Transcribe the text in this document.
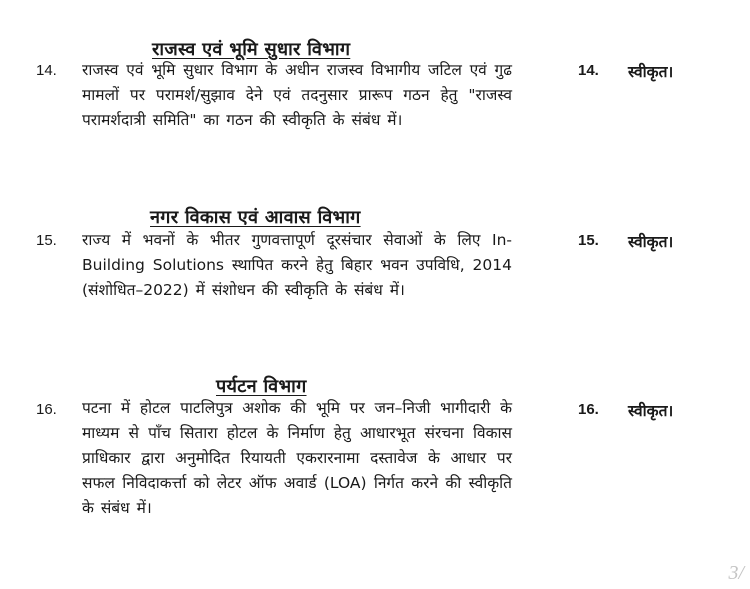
राजस्व एवं भूमि सुधार विभाग
14. राजस्व एवं भूमि सुधार विभाग के अधीन राजस्व विभागीय जटिल एवं गुढ मामलों पर परामर्श/सुझाव देने एवं तदनुसार प्रारूप गठन हेतु "राजस्व परामर्शदात्री समिति" का गठन की स्वीकृति के संबंध में।
14. स्वीकृत।
नगर विकास एवं आवास विभाग
15. राज्य में भवनों के भीतर गुणवत्तापूर्ण दूरसंचार सेवाओं के लिए In-Building Solutions स्थापित करने हेतु बिहार भवन उपविधि, 2014 (संशोधित–2022) में संशोधन की स्वीकृति के संबंध में।
15. स्वीकृत।
पर्यटन विभाग
16. पटना में होटल पाटलिपुत्र अशोक की भूमि पर जन–निजी भागीदारी के माध्यम से पाँच सितारा होटल के निर्माण हेतु आधारभूत संरचना विकास प्राधिकार द्वारा अनुमोदित रियायती एकरारनामा दस्तावेज के आधार पर सफल निविदाकर्त्ता को लेटर ऑफ अवार्ड (LOA) निर्गत करने की स्वीकृति के संबंध में।
16. स्वीकृत।
3/
